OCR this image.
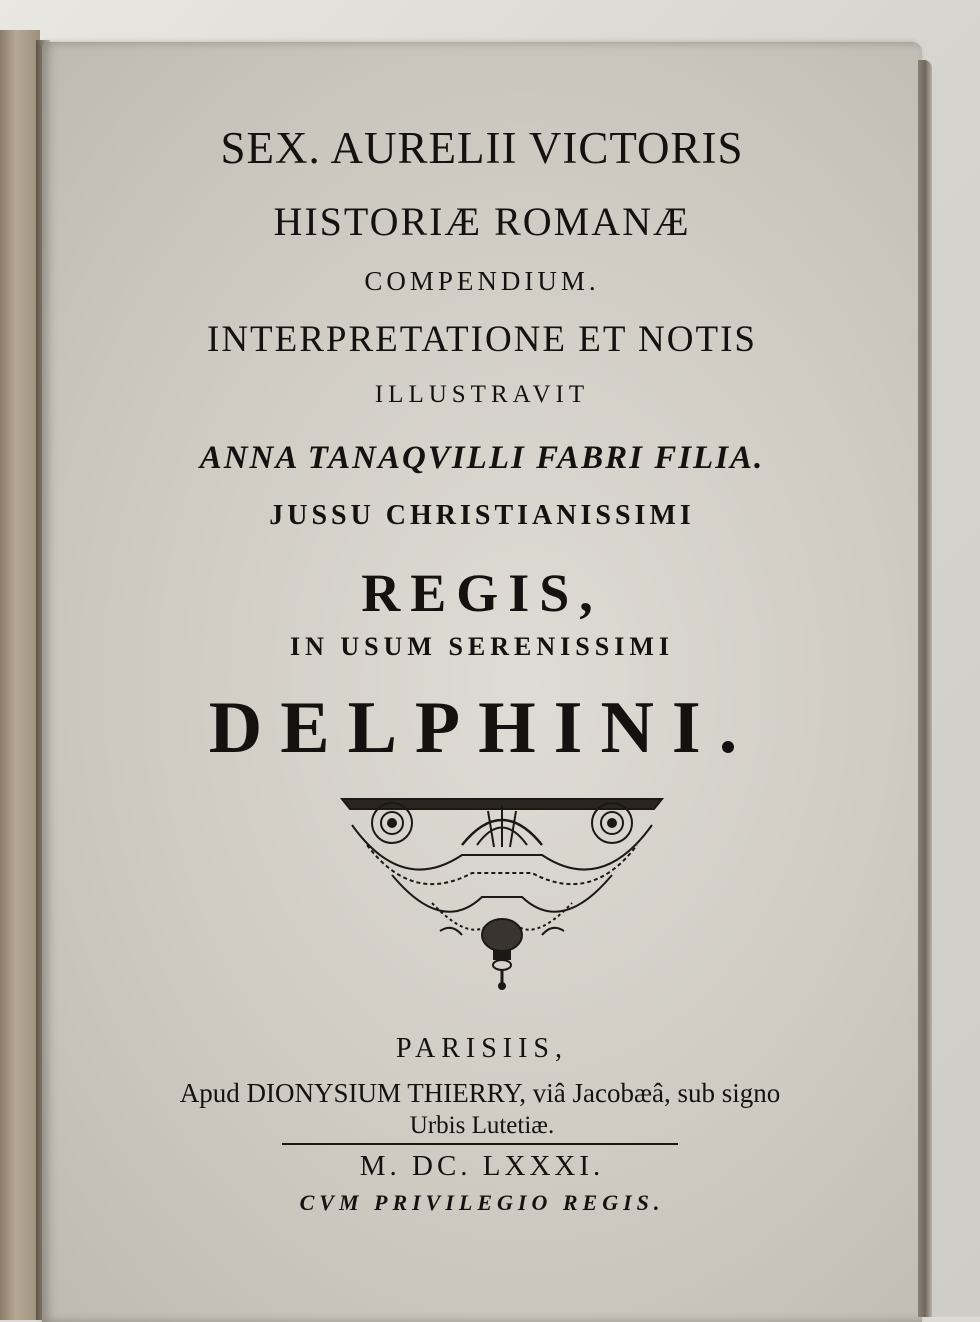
SEX. AURELII VICTORIS
HISTORIÆ ROMANÆ
COMPENDIUM.
INTERPRETATIONE ET NOTIS
ILLUSTRAVIT
ANNA TANAQVILLI FABRI FILIA.
JUSSU CHRISTIANISSIMI
REGIS,
IN USUM SERENISSIMI
DELPHINI.
PARISIIS,
Apud DIONYSIUM THIERRY, viâ Jacobæâ, sub signo
Urbis Lutetiæ.
M. DC. LXXXI.
CVM PRIVILEGIO REGIS.
